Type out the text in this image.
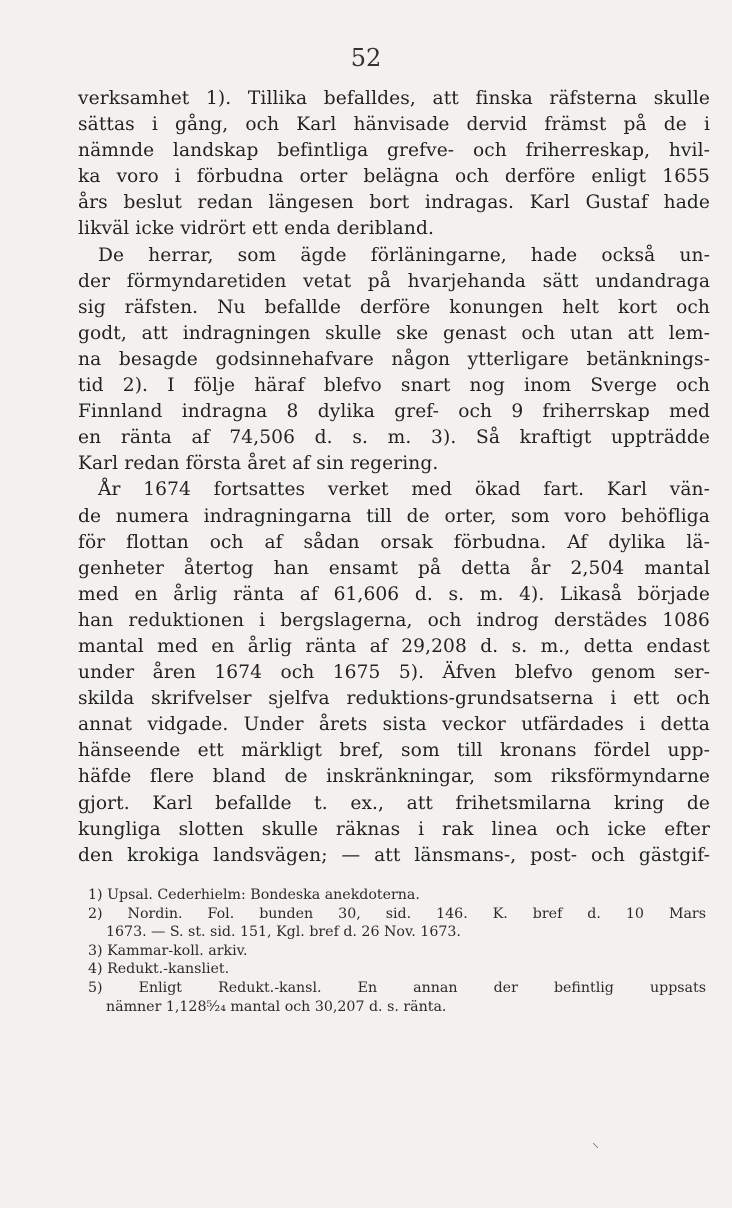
52
verksamhet 1). Tillika befalldes, att finska räfsterna skulle
sättas i gång, och Karl hänvisade dervid främst på de i
nämnde landskap befintliga grefve- och friherreskap, hvil-
ka voro i förbudna orter belägna och derföre enligt 1655
års beslut redan längesen bort indragas. Karl Gustaf hade
likväl icke vidrört ett enda deribland.
De herrar, som ägde förläningarne, hade också un-
der förmyndaretiden vetat på hvarjehanda sätt undandraga
sig räfsten. Nu befallde derföre konungen helt kort och
godt, att indragningen skulle ske genast och utan att lem-
na besagde godsinnehafvare någon ytterligare betänknings-
tid 2). I följe häraf blefvo snart nog inom Sverge och
Finnland indragna 8 dylika gref- och 9 friherrskap med
en ränta af 74,506 d. s. m. 3). Så kraftigt uppträdde
Karl redan första året af sin regering.
År 1674 fortsattes verket med ökad fart. Karl vän-
de numera indragningarna till de orter, som voro behöfliga
för flottan och af sådan orsak förbudna. Af dylika lä-
genheter återtog han ensamt på detta år 2,504 mantal
med en årlig ränta af 61,606 d. s. m. 4). Likaså började
han reduktionen i bergslagerna, och indrog derstädes 1086
mantal med en årlig ränta af 29,208 d. s. m., detta endast
under åren 1674 och 1675 5). Äfven blefvo genom ser-
skilda skrifvelser sjelfva reduktions-grundsatserna i ett och
annat vidgade. Under årets sista veckor utfärdades i detta
hänseende ett märkligt bref, som till kronans fördel upp-
häfde flere bland de inskränkningar, som riksförmyndarne
gjort. Karl befallde t. ex., att frihetsmilarna kring de
kungliga slotten skulle räknas i rak linea och icke efter
den krokiga landsvägen; — att länsmans-, post- och gästgif-
1) Upsal. Cederhielm: Bondeska anekdoterna.
2) Nordin. Fol. bunden 30, sid. 146. K. bref d. 10 Mars
1673. — S. st. sid. 151, Kgl. bref d. 26 Nov. 1673.
3) Kammar-koll. arkiv.
4) Redukt.-kansliet.
5) Enligt Redukt.-kansl. En annan der befintlig uppsats
nämner 1,128⁵⁄₂₄ mantal och 30,207 d. s. ränta.
⸜
